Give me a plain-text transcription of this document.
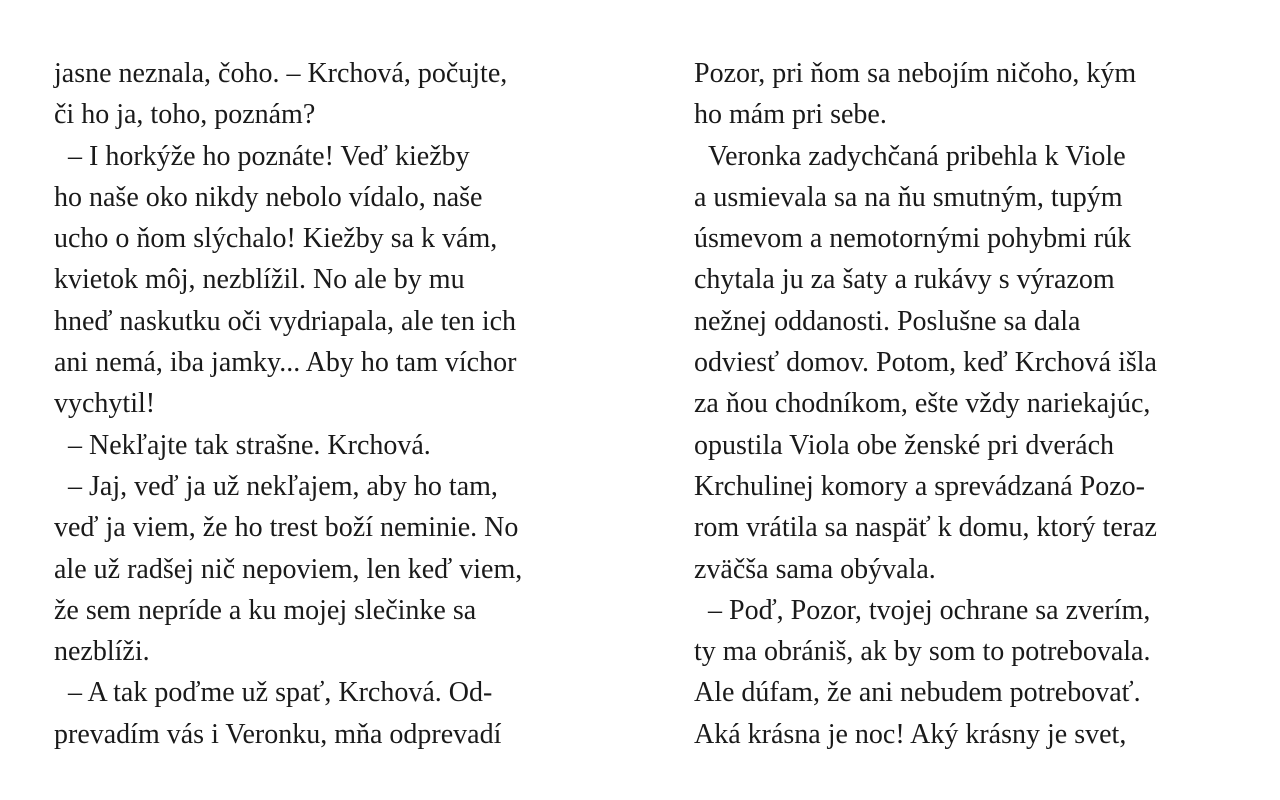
jasne neznala, čoho. – Krchová, počujte,
či ho ja, toho, poznám?
– I horkýže ho poznáte! Veď kiežby
ho naše oko nikdy nebolo vídalo, naše
ucho o ňom slýchalo! Kiežby sa k vám,
kvietok môj, nezblížil. No ale by mu
hneď naskutku oči vydriapala, ale ten ich
ani nemá, iba jamky... Aby ho tam víchor
vychytil!
– Nekľajte tak strašne. Krchová.
– Jaj, veď ja už nekľajem, aby ho tam,
veď ja viem, že ho trest boží neminie. No
ale už radšej nič nepoviem, len keď viem,
že sem nepríde a ku mojej slečinke sa
nezblíži.
– A tak poďme už spať, Krchová. Od-
prevadím vás i Veronku, mňa odprevadí
Pozor, pri ňom sa nebojím ničoho, kým
ho mám pri sebe.
Veronka zadychčaná pribehla k Viole
a usmievala sa na ňu smutným, tupým
úsmevom a nemotornými pohybmi rúk
chytala ju za šaty a rukávy s výrazom
nežnej oddanosti. Poslušne sa dala
odviesť domov. Potom, keď Krchová išla
za ňou chodníkom, ešte vždy nariekajúc,
opustila Viola obe ženské pri dverách
Krchulinej komory a sprevádzaná Pozo-
rom vrátila sa naspäť k domu, ktorý teraz
zväčša sama obývala.
– Poď, Pozor, tvojej ochrane sa zverím,
ty ma obrániš, ak by som to potrebovala.
Ale dúfam, že ani nebudem potrebovať.
Aká krásna je noc! Aký krásny je svet,
